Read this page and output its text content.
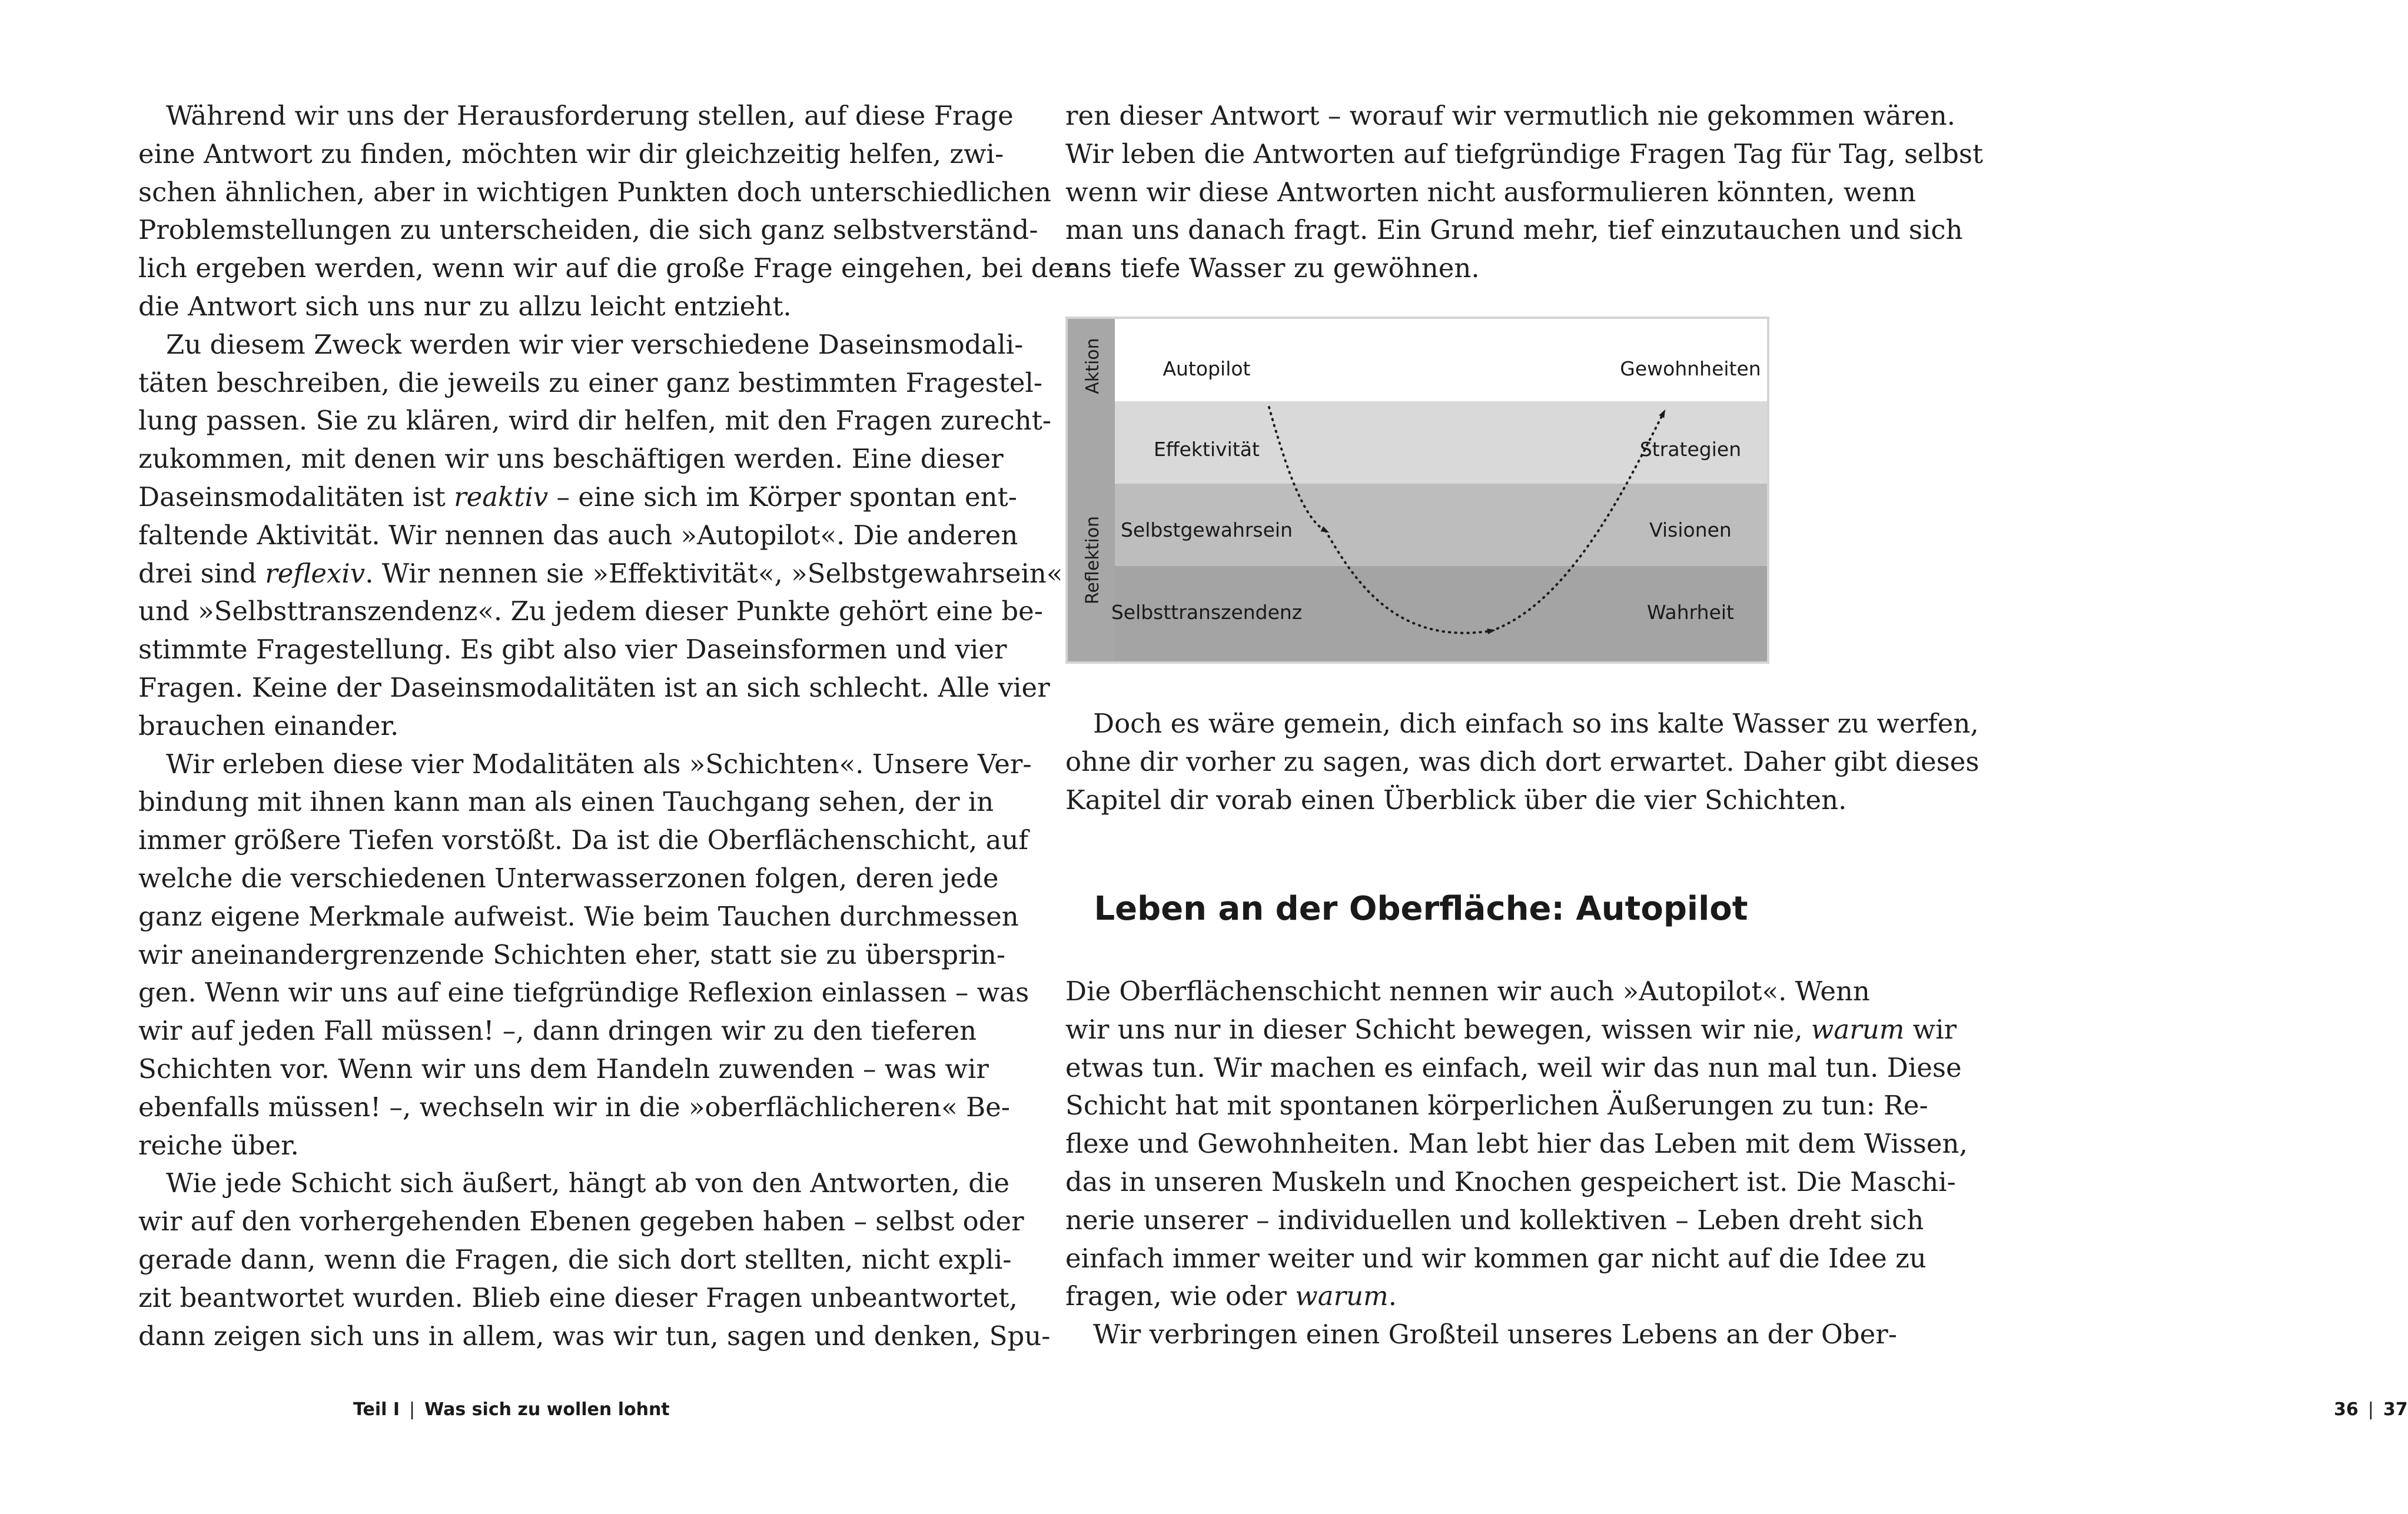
Während wir uns der Herausforderung stellen, auf diese Frage
eine Antwort zu finden, möchten wir dir gleichzeitig helfen, zwi-
schen ähnlichen, aber in wichtigen Punkten doch unterschiedlichen
Problemstellungen zu unterscheiden, die sich ganz selbstverständ-
lich ergeben werden, wenn wir auf die große Frage eingehen, bei der
die Antwort sich uns nur zu allzu leicht entzieht.
Zu diesem Zweck werden wir vier verschiedene Daseinsmodali-
täten beschreiben, die jeweils zu einer ganz bestimmten Fragestel-
lung passen. Sie zu klären, wird dir helfen, mit den Fragen zurecht-
zukommen, mit denen wir uns beschäftigen werden. Eine dieser
Daseinsmodalitäten ist reaktiv – eine sich im Körper spontan ent-
faltende Aktivität. Wir nennen das auch »Autopilot«. Die anderen
drei sind reflexiv. Wir nennen sie »Effektivität«, »Selbstgewahrsein«
und »Selbsttranszendenz«. Zu jedem dieser Punkte gehört eine be-
stimmte Fragestellung. Es gibt also vier Daseinsformen und vier
Fragen. Keine der Daseinsmodalitäten ist an sich schlecht. Alle vier
brauchen einander.
Wir erleben diese vier Modalitäten als »Schichten«. Unsere Ver-
bindung mit ihnen kann man als einen Tauchgang sehen, der in
immer größere Tiefen vorstößt. Da ist die Oberflächenschicht, auf
welche die verschiedenen Unterwasserzonen folgen, deren jede
ganz eigene Merkmale aufweist. Wie beim Tauchen durchmessen
wir aneinandergrenzende Schichten eher, statt sie zu übersprin-
gen. Wenn wir uns auf eine tiefgründige Reflexion einlassen – was
wir auf jeden Fall müssen! –, dann dringen wir zu den tieferen
Schichten vor. Wenn wir uns dem Handeln zuwenden – was wir
ebenfalls müssen! –, wechseln wir in die »oberflächlicheren« Be-
reiche über.
Wie jede Schicht sich äußert, hängt ab von den Antworten, die
wir auf den vorhergehenden Ebenen gegeben haben – selbst oder
gerade dann, wenn die Fragen, die sich dort stellten, nicht expli-
zit beantwortet wurden. Blieb eine dieser Fragen unbeantwortet,
dann zeigen sich uns in allem, was wir tun, sagen und denken, Spu-
Teil I | Was sich zu wollen lohnt
ren dieser Antwort – worauf wir vermutlich nie gekommen wären.
Wir leben die Antworten auf tiefgründige Fragen Tag für Tag, selbst
wenn wir diese Antworten nicht ausformulieren könnten, wenn
man uns danach fragt. Ein Grund mehr, tief einzutauchen und sich
ans tiefe Wasser zu gewöhnen.
Doch es wäre gemein, dich einfach so ins kalte Wasser zu werfen,
ohne dir vorher zu sagen, was dich dort erwartet. Daher gibt dieses
Kapitel dir vorab einen Überblick über die vier Schichten.
Leben an der Oberfläche: Autopilot
Die Oberflächenschicht nennen wir auch »Autopilot«. Wenn
wir uns nur in dieser Schicht bewegen, wissen wir nie, warum wir
etwas tun. Wir machen es einfach, weil wir das nun mal tun. Diese
Schicht hat mit spontanen körperlichen Äußerungen zu tun: Re-
flexe und Gewohnheiten. Man lebt hier das Leben mit dem Wissen,
das in unseren Muskeln und Knochen gespeichert ist. Die Maschi-
nerie unserer – individuellen und kollektiven – Leben dreht sich
einfach immer weiter und wir kommen gar nicht auf die Idee zu
fragen, wie oder warum.
Wir verbringen einen Großteil unseres Lebens an der Ober-
36 | 37
Aktion
Reflektion
Autopilot
Effektivität
Selbstgewahrsein
Selbsttranszendenz
Gewohnheiten
Strategien
Visionen
Wahrheit
